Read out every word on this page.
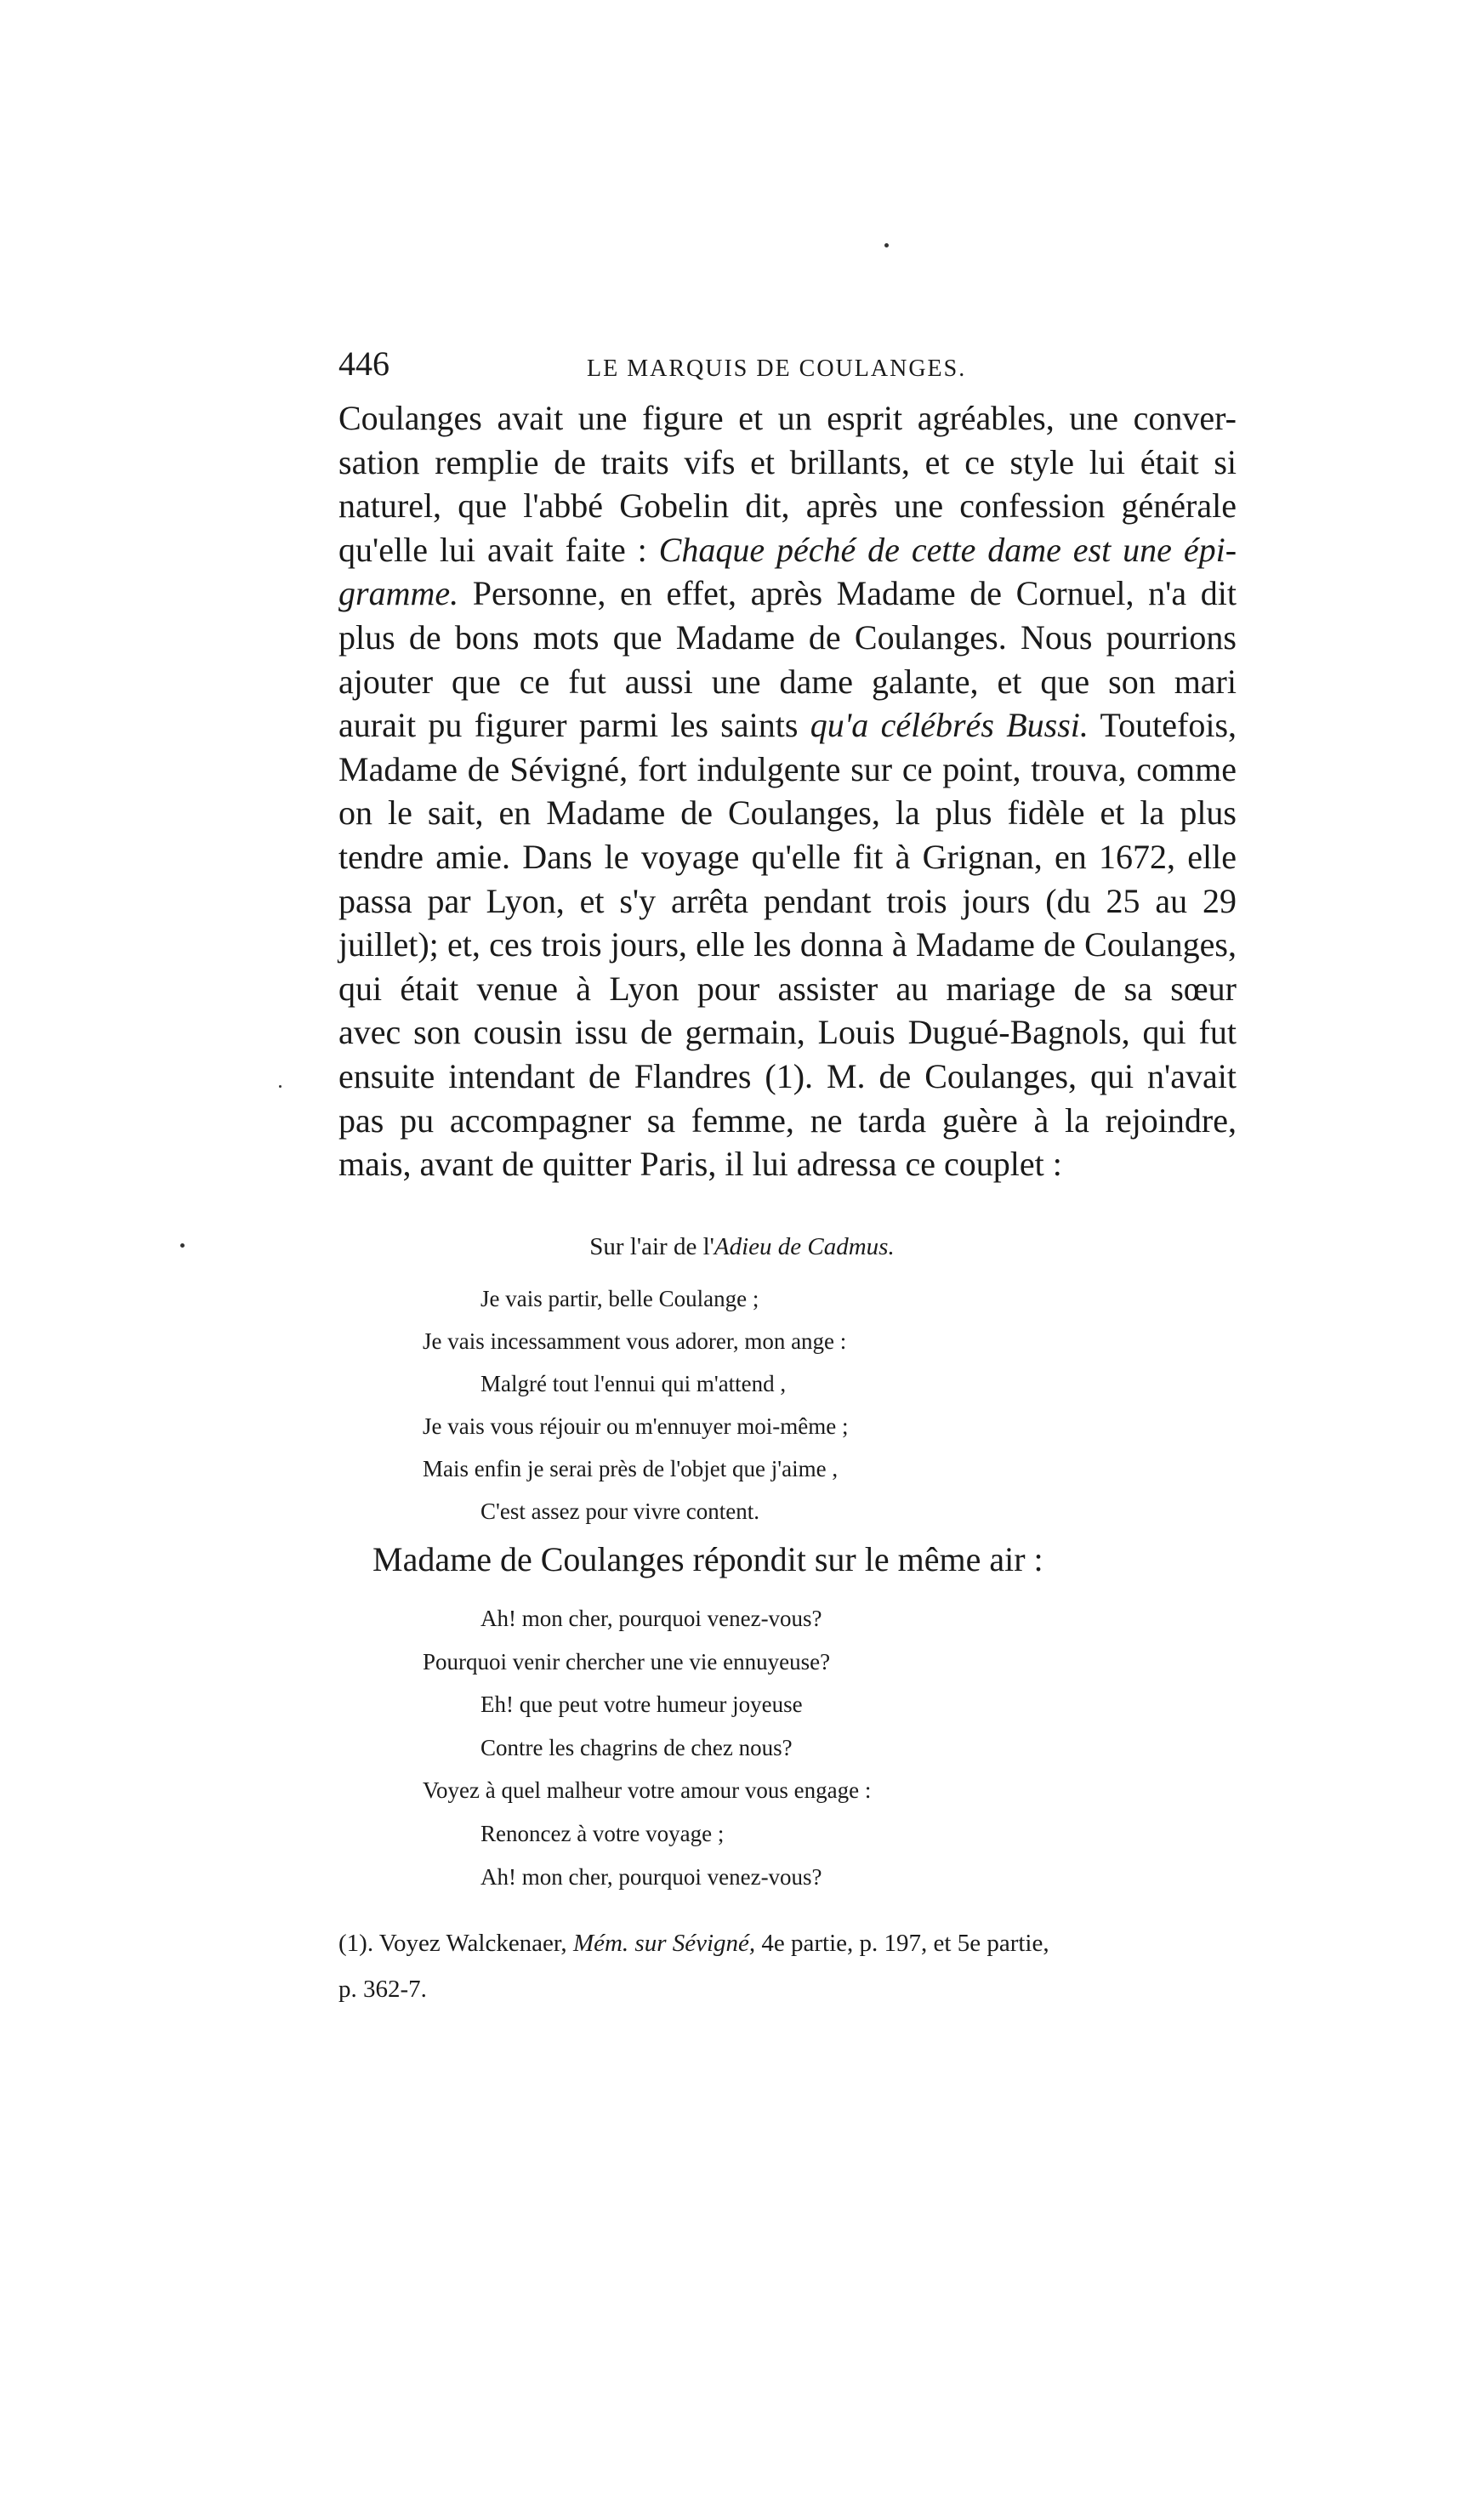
446	LE MARQUIS DE COULANGES.
Coulanges avait une figure et un esprit agréables, une conver-
sation remplie de traits vifs et brillants, et ce style lui était si
naturel, que l'abbé Gobelin dit, après une confession générale
qu'elle lui avait faite : Chaque péché de cette dame est une épi-
gramme. Personne, en effet, après Madame de Cornuel, n'a dit
plus de bons mots que Madame de Coulanges. Nous pourrions
ajouter que ce fut aussi une dame galante, et que son mari
aurait pu figurer parmi les saints qu'a célébrés Bussi. Toutefois,
Madame de Sévigné, fort indulgente sur ce point, trouva, comme
on le sait, en Madame de Coulanges, la plus fidèle et la plus
tendre amie. Dans le voyage qu'elle fit à Grignan, en 1672, elle
passa par Lyon, et s'y arrêta pendant trois jours (du 25 au 29
juillet); et, ces trois jours, elle les donna à Madame de Coulanges,
qui était venue à Lyon pour assister au mariage de sa sœur
avec son cousin issu de germain, Louis Dugué-Bagnols, qui fut
ensuite intendant de Flandres (1). M. de Coulanges, qui n'avait
pas pu accompagner sa femme, ne tarda guère à la rejoindre,
mais, avant de quitter Paris, il lui adressa ce couplet :
Sur l'air de l'Adieu de Cadmus.
Je vais partir, belle Coulange ;
Je vais incessamment vous adorer, mon ange :
Malgré tout l'ennui qui m'attend ,
Je vais vous réjouir ou m'ennuyer moi-même ;
Mais enfin je serai près de l'objet que j'aime ,
C'est assez pour vivre content.
Madame de Coulanges répondit sur le même air :
Ah! mon cher, pourquoi venez-vous?
Pourquoi venir chercher une vie ennuyeuse?
Eh! que peut votre humeur joyeuse
Contre les chagrins de chez nous?
Voyez à quel malheur votre amour vous engage :
Renoncez à votre voyage ;
Ah! mon cher, pourquoi venez-vous?
(1). Voyez Walckenaer, Mém. sur Sévigné, 4e partie, p. 197, et 5e partie,
p. 362-7.
